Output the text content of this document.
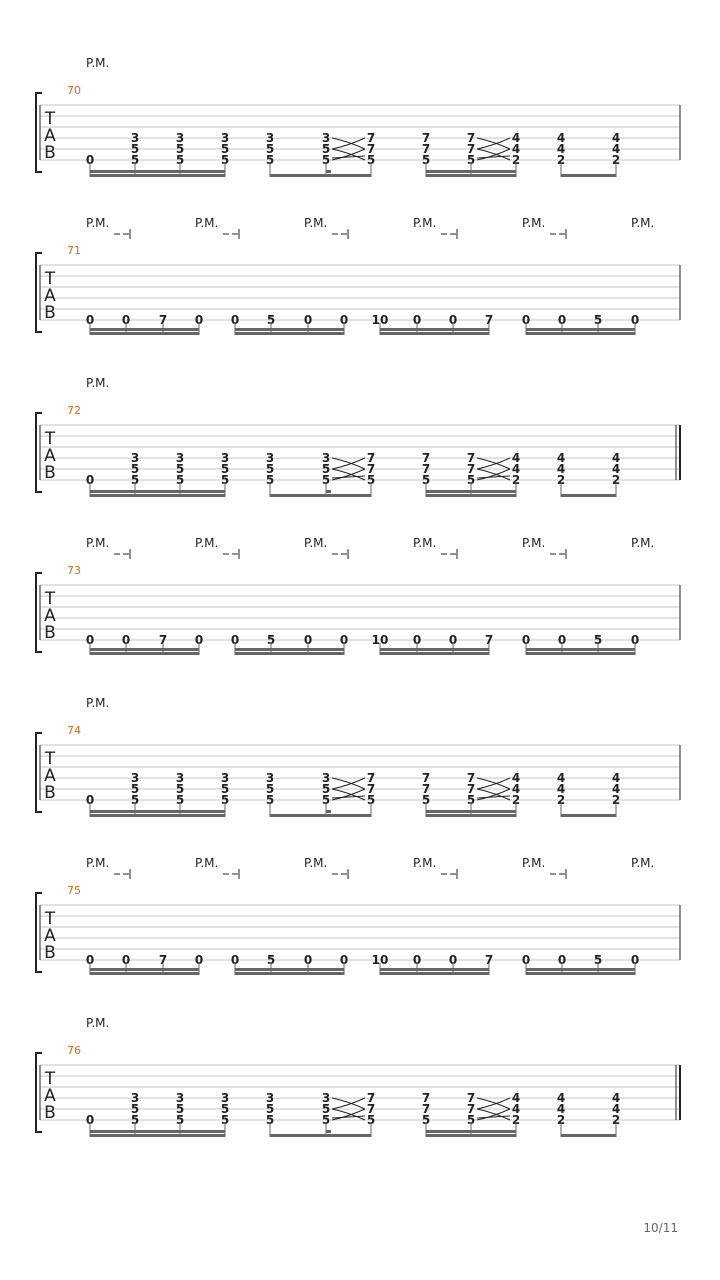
T
A
B
70
P.M.
0
3
5
5
3
5
5
3
5
5
3
5
5
3
5
5
7
7
5
7
7
5
7
7
5
4
4
2
4
4
2
4
4
2
T
A
B
71
P.M.	P.M.	P.M.	P.M.	P.M.	P.M.
0 0 7 0 0 5 0 0 10 0 0 7 0 0 5 0
T
A
B
72
P.M.
0
3
5
5
3
5
5
3
5
5
3
5
5
3
5
5
7
7
5
7
7
5
7
7
5
4
4
2
4
4
2
4
4
2
T
A
B
73
P.M.	P.M.	P.M.	P.M.	P.M.	P.M.
0 0 7 0 0 5 0 0 10 0 0 7 0 0 5 0
T
A
B
74
P.M.
0
3
5
5
3
5
5
3
5
5
3
5
5
3
5
5
7
7
5
7
7
5
7
7
5
4
4
2
4
4
2
4
4
2
T
A
B
75
P.M.	P.M.	P.M.	P.M.	P.M.	P.M.
0 0 7 0 0 5 0 0 10 0 0 7 0 0 5 0
T
A
B
76
P.M.
0
3
5
5
3
5
5
3
5
5
3
5
5
3
5
5
7
7
5
7
7
5
7
7
5
4
4
2
4
4
2
4
4
2
10/11
